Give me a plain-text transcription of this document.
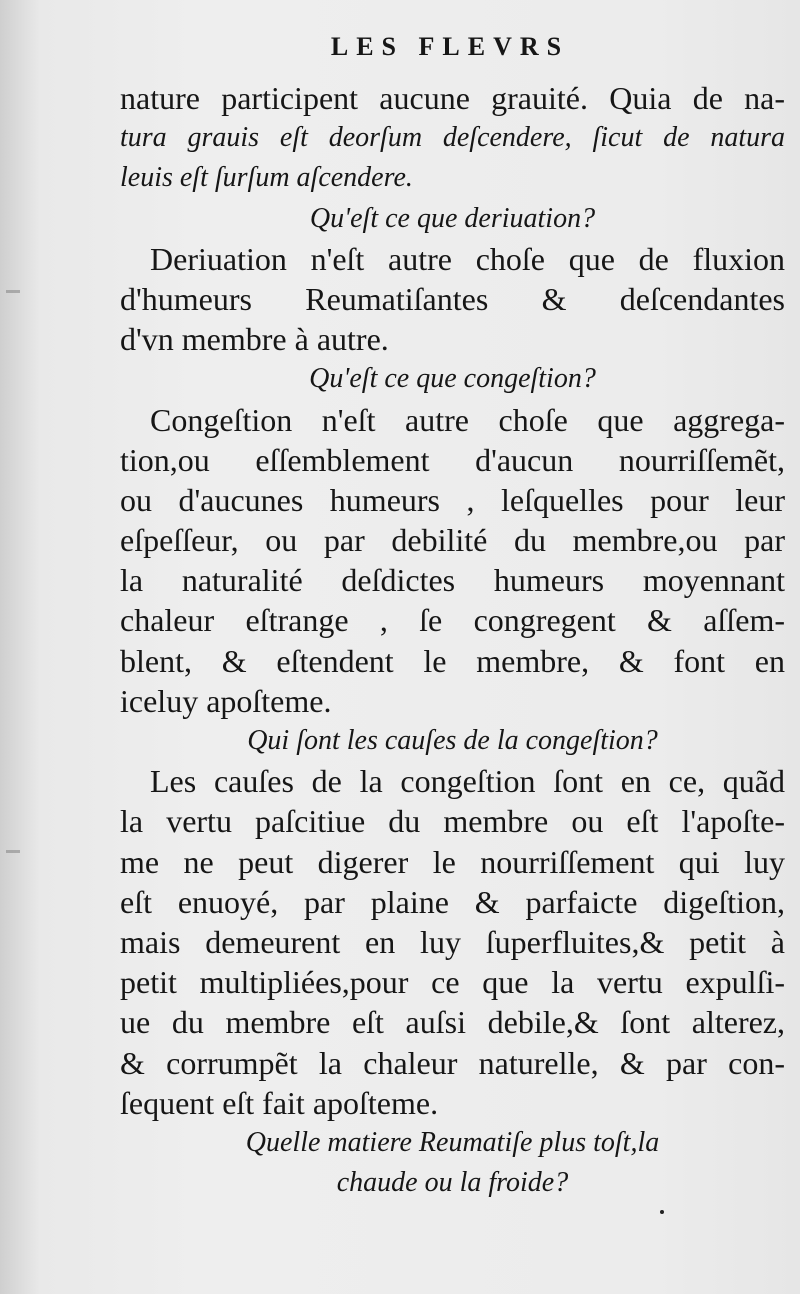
LES FLEVRS
nature participent aucune grauité. Quia de na-
tura grauis eſt deorſum deſcendere, ſicut de natura
leuis eſt ſurſum aſcendere.
Qu'eſt ce que deriuation?
Deriuation n'eſt autre choſe que de fluxion
d'humeurs Reumatiſantes & deſcendantes
d'vn membre à autre.
Qu'eſt ce que congeſtion?
Congeſtion n'eſt autre choſe que aggrega-
tion,ou eſſemblement d'aucun nourriſſemẽt,
ou d'aucunes humeurs , leſquelles pour leur
eſpeſſeur, ou par debilité du membre,ou par
la naturalité deſdictes humeurs moyennant
chaleur eſtrange , ſe congregent & aſſem-
blent, & eſtendent le membre, & font en
iceluy apoſteme.
Qui ſont les cauſes de la congeſtion?
Les cauſes de la congeſtion ſont en ce, quãd
la vertu paſcitiue du membre ou eſt l'apoſte-
me ne peut digerer le nourriſſement qui luy
eſt enuoyé, par plaine & parfaicte digeſtion,
mais demeurent en luy ſuperfluites,& petit à
petit multipliées,pour ce que la vertu expulſi-
ue du membre eſt auſsi debile,& ſont alterez,
& corrumpẽt la chaleur naturelle, & par con-
ſequent eſt fait apoſteme.
Quelle matiere Reumatiſe plus toſt,la
chaude ou la froide?
